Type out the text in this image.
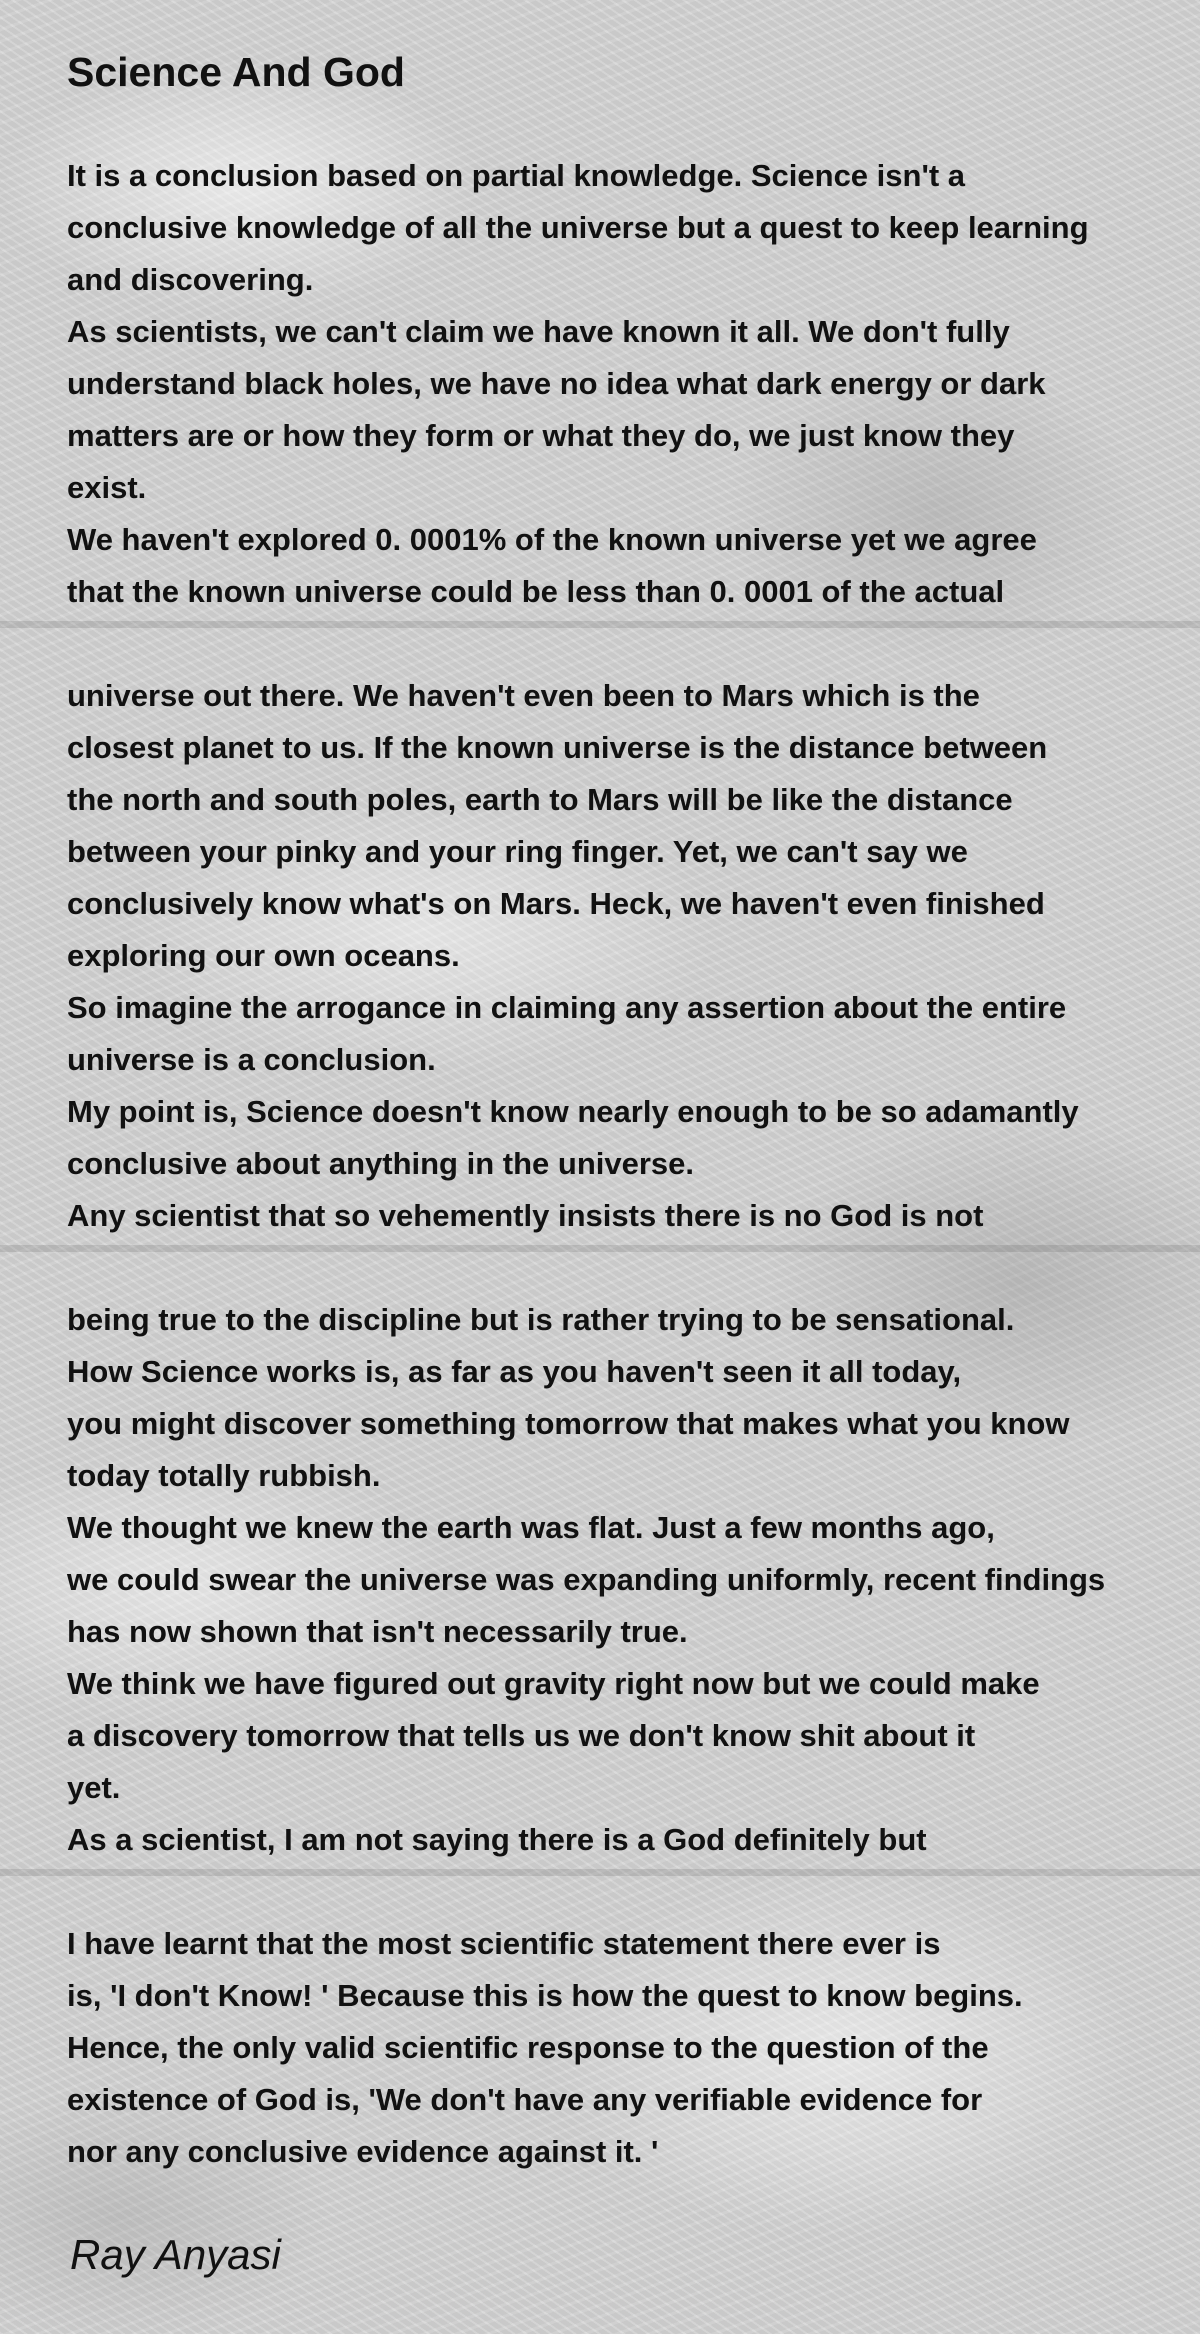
Science And God
It is a conclusion based on partial knowledge. Science isn't a
conclusive knowledge of all the universe but a quest to keep learning
and discovering.
As scientists, we can't claim we have known it all. We don't fully
understand black holes, we have no idea what dark energy or dark
matters are or how they form or what they do, we just know they
exist.
We haven't explored 0. 0001% of the known universe yet we agree
that the known universe could be less than 0. 0001 of the actual
universe out there. We haven't even been to Mars which is the
closest planet to us. If the known universe is the distance between
the north and south poles, earth to Mars will be like the distance
between your pinky and your ring finger. Yet, we can't say we
conclusively know what's on Mars. Heck, we haven't even finished
exploring our own oceans.
So imagine the arrogance in claiming any assertion about the entire
universe is a conclusion.
My point is, Science doesn't know nearly enough to be so adamantly
conclusive about anything in the universe.
Any scientist that so vehemently insists there is no God is not
being true to the discipline but is rather trying to be sensational.
How Science works is, as far as you haven't seen it all today,
you might discover something tomorrow that makes what you know
today totally rubbish.
We thought we knew the earth was flat. Just a few months ago,
we could swear the universe was expanding uniformly, recent findings
has now shown that isn't necessarily true.
We think we have figured out gravity right now but we could make
a discovery tomorrow that tells us we don't know shit about it
yet.
As a scientist, I am not saying there is a God definitely but
I have learnt that the most scientific statement there ever is
is, 'I don't Know! ' Because this is how the quest to know begins.
Hence, the only valid scientific response to the question of the
existence of God is, 'We don't have any verifiable evidence for
nor any conclusive evidence against it. '
Ray Anyasi
